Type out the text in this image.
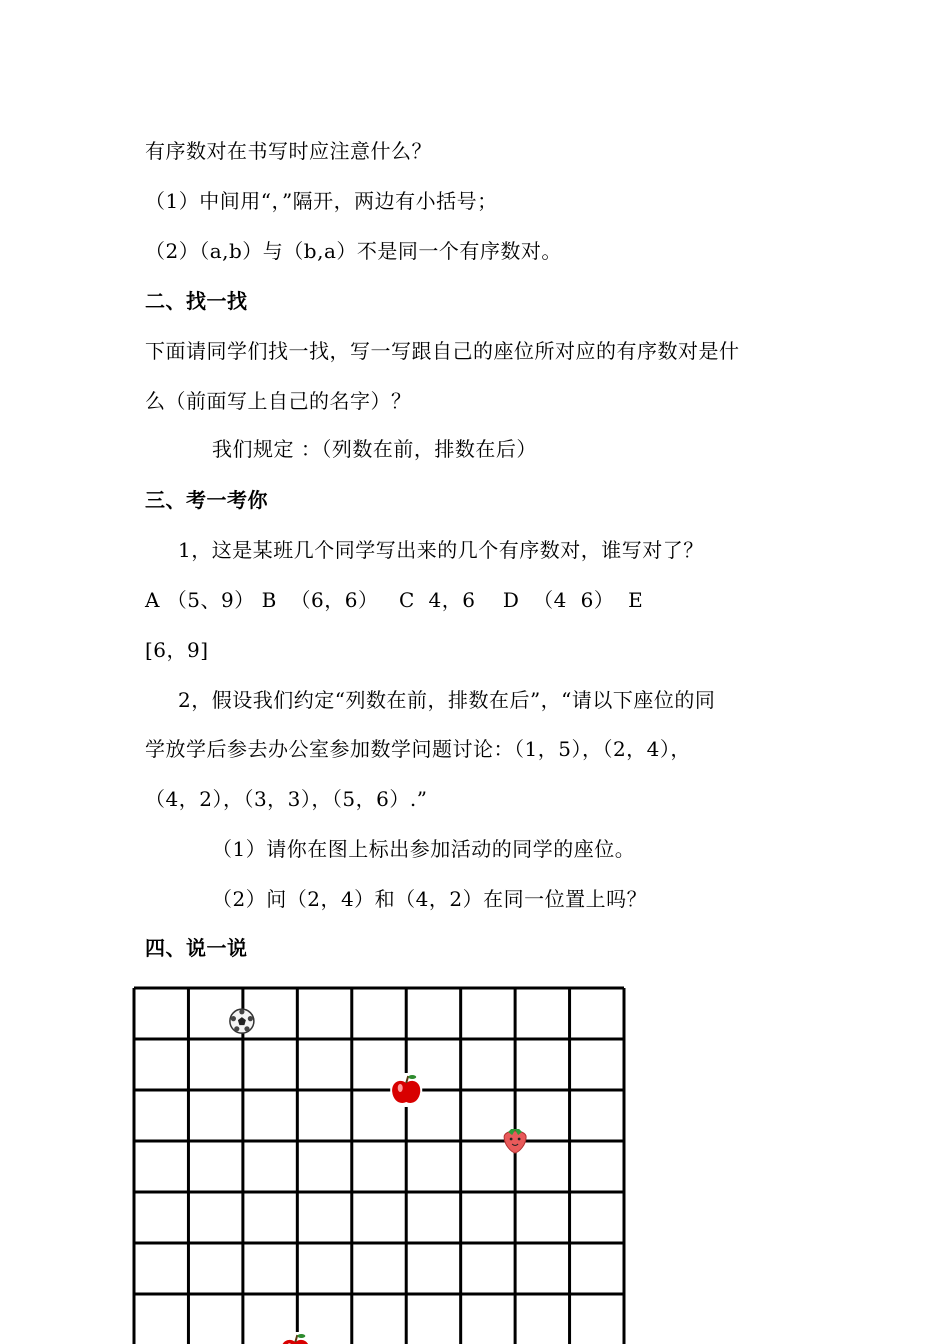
有序数对在书写时应注意什么？
（1）中间用“，”隔开，两边有小括号；
（2）（a,b）与（b,a）不是同一个有序数对。
二、找一找
下面请同学们找一找，写一写跟自己的座位所对应的有序数对是什
么（前面写上自己的名字）？
我们规定 ：（列数在前，排数在后）
三、考一考你
1，这是某班几个同学写出来的几个有序数对，谁写对了？
A （5、9） B  （6，6）   C  4，6    D  （4  6）  E
[6，9]
2，假设我们约定“列数在前，排数在后”，“请以下座位的同
学放学后参去办公室参加数学问题讨论：（1，5），（2，4），
（4，2），（3，3），（5，6）.”
（1）请你在图上标出参加活动的同学的座位。
（2）问（2，4）和（4，2）在同一位置上吗？
四、说一说
